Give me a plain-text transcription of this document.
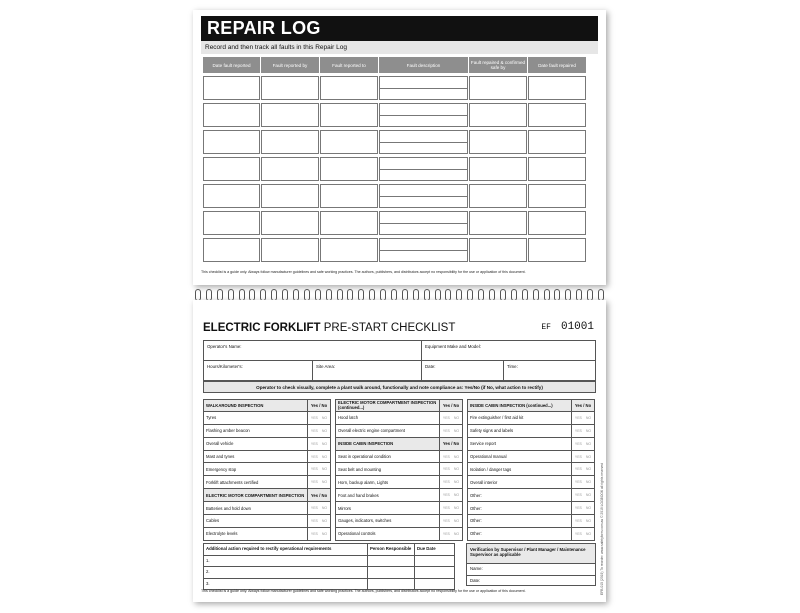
REPAIR LOG
Record and then track all faults in this Repair Log
Date fault reported	Fault reported by	Fault reported to	Fault description	Fault repaired & confirmed safe by	Date fault repaired
This checklist is a guide only. Always follow manufacturer guidelines and safe working practices. The authors, publishers, and distributors accept no responsibility for the use or application of this document.
ELECTRIC FORKLIFT PRE-START CHECKLIST	EF 01001
Operator's Name:	Equipment Make and Model:
Hours/Kilometer's:	Site Area:	Date:	Time:
Operator to check visually, complete a plant walk around, functionally and note compliance as: Yes/No (if No, what action to rectify)
WALKAROUND INSPECTION	Yes / No
Tyres	YES NO
Flashing amber beacon	YES NO
Overall vehicle	YES NO
Mast and tynes	YES NO
Emergency stop	YES NO
Forklift attachments certified	YES NO
ELECTRIC MOTOR COMPARTMENT INSPECTION	Yes / No
Batteries and hold down	YES NO
Cables	YES NO
Electrolyte levels	YES NO
ELECTRIC MOTOR COMPARTMENT INSPECTION (continued...)	Yes / No
Hood latch	YES NO
Overall electric engine compartment	YES NO
INSIDE CABIN INSPECTION	Yes / No
Seat in operational condition	YES NO
Seat belt and mounting	YES NO
Horn, backup alarm, Lights	YES NO
Foot and hand brakes	YES NO
Mirrors	YES NO
Gauges, indicators, switches	YES NO
Operational controls	YES NO
INSIDE CABIN INSPECTION (continued...)	Yes / No
Fire extinguisher / first aid kit	YES NO
Safety signs and labels	YES NO
Service report	YES NO
Operational manual	YES NO
Isolation / danger tags	YES NO
Overall interior	YES NO
Other:	YES NO
Other:	YES NO
Other:	YES NO
Other:	YES NO
Additional action required to rectify operational requirements	Person Responsible	Due Date
1.
2.
3.
Verification by Supervisor / Plant Manager / Maintenance Supervisor as applicable
Name:
Date:
This checklist is a guide only. Always follow manufacturer guidelines and safe working practices. The authors, publishers, and distributors accept no responsibility for the use or application of this document.	EFB-015 (2019) To reorder: www.safetyform.com.au © 2019 LOGBOOK all rights reserved
